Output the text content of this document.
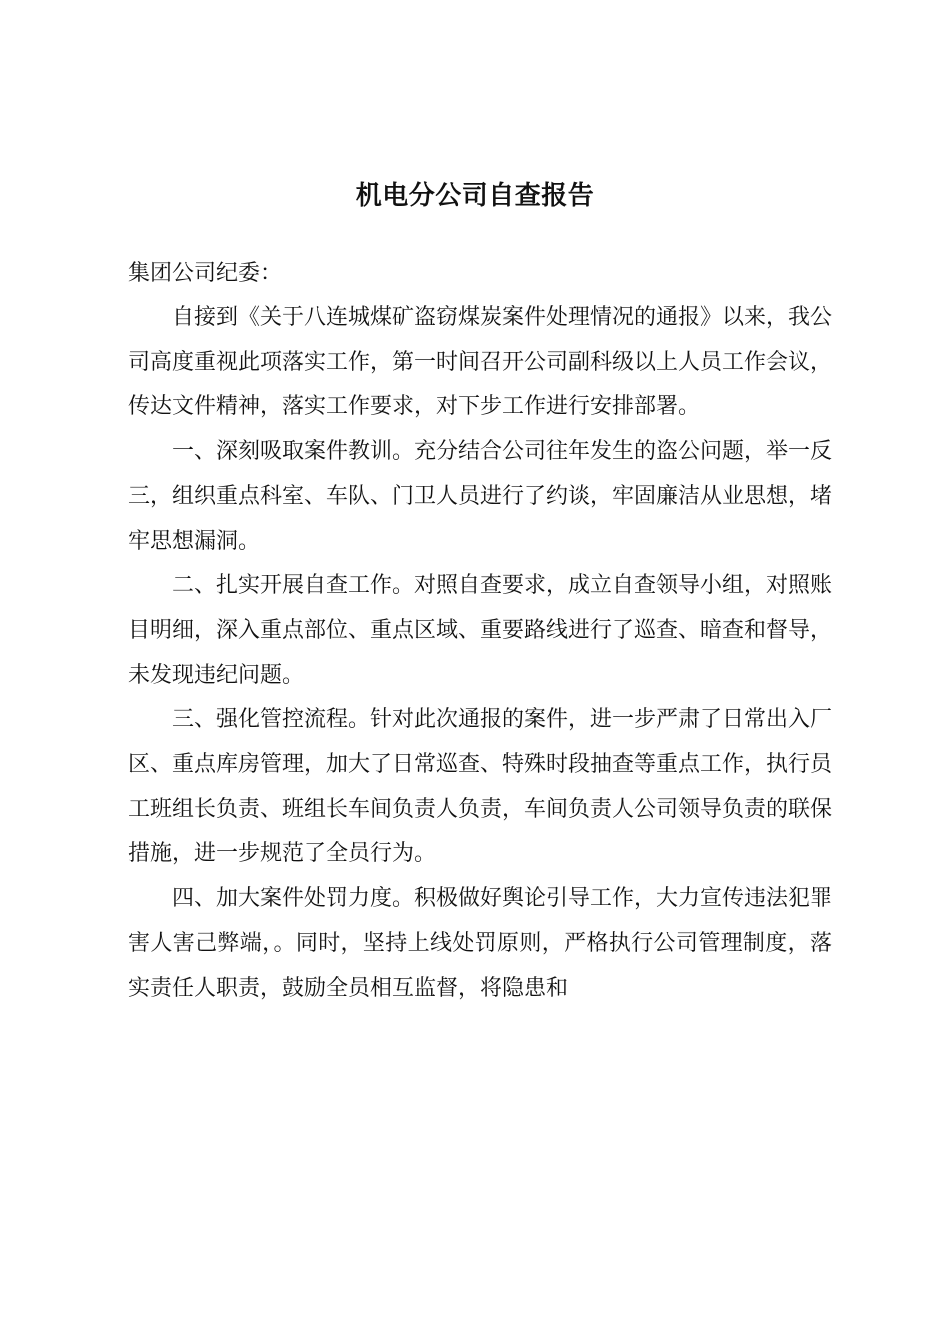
机电分公司自查报告

集团公司纪委：

自接到《关于八连城煤矿盗窃煤炭案件处理情况的通报》以来，我公司高度重视此项落实工作，第一时间召开公司副科级以上人员工作会议，传达文件精神，落实工作要求，对下步工作进行安排部署。

一、深刻吸取案件教训。充分结合公司往年发生的盗公问题，举一反三，组织重点科室、车队、门卫人员进行了约谈，牢固廉洁从业思想，堵牢思想漏洞。

二、扎实开展自查工作。对照自查要求，成立自查领导小组，对照账目明细，深入重点部位、重点区域、重要路线进行了巡查、暗查和督导，未发现违纪问题。

三、强化管控流程。针对此次通报的案件，进一步严肃了日常出入厂区、重点库房管理，加大了日常巡查、特殊时段抽查等重点工作，执行员工班组长负责、班组长车间负责人负责，车间负责人公司领导负责的联保措施，进一步规范了全员行为。

四、加大案件处罚力度。积极做好舆论引导工作，大力宣传违法犯罪害人害己弊端，。同时，坚持上线处罚原则，严格执行公司管理制度，落实责任人职责，鼓励全员相互监督，将隐患和
